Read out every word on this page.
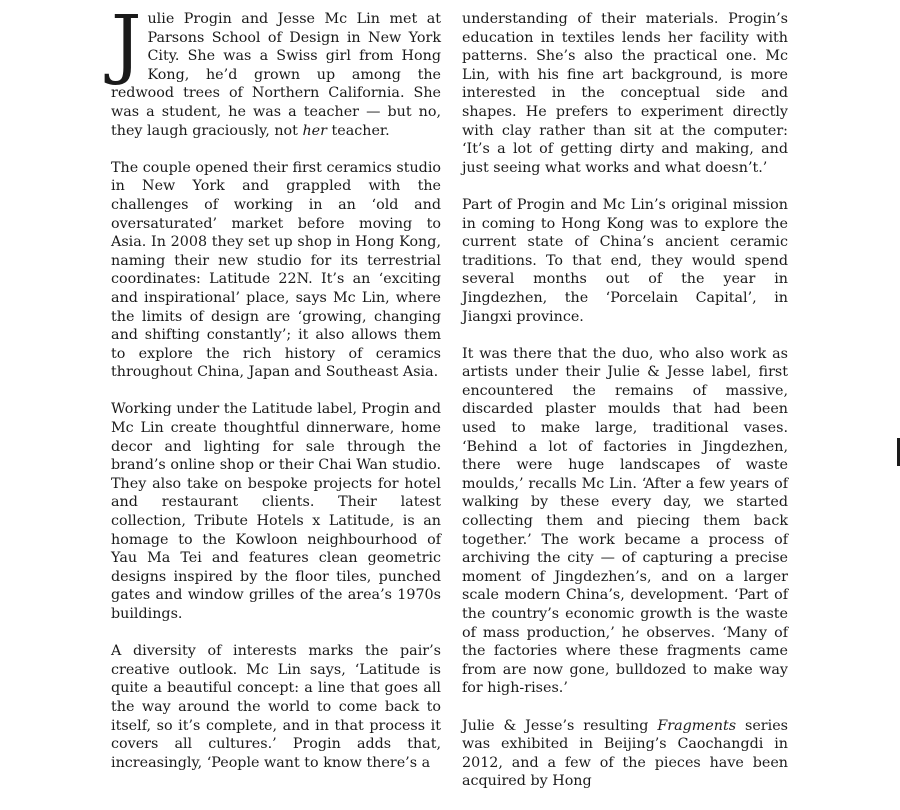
Julie Progin and Jesse Mc Lin met at Parsons School of Design in New York City. She was a Swiss girl from Hong Kong, he’d grown up among the redwood trees of Northern California. She was a student, he was a teacher — but no, they laugh graciously, not her teacher.

The couple opened their first ceramics studio in New York and grappled with the challenges of working in an ‘old and oversaturated’ market before moving to Asia. In 2008 they set up shop in Hong Kong, naming their new studio for its terrestrial coordinates: Latitude 22N. It’s an ‘exciting and inspirational’ place, says Mc Lin, where the limits of design are ‘growing, changing and shifting constantly’; it also allows them to explore the rich history of ceramics throughout China, Japan and Southeast Asia.

Working under the Latitude label, Progin and Mc Lin create thoughtful dinnerware, home decor and lighting for sale through the brand’s online shop or their Chai Wan studio. They also take on bespoke projects for hotel and restaurant clients. Their latest collection, Tribute Hotels x Latitude, is an homage to the Kowloon neighbourhood of Yau Ma Tei and features clean geometric designs inspired by the floor tiles, punched gates and window grilles of the area’s 1970s buildings.

A diversity of interests marks the pair’s creative outlook. Mc Lin says, ‘Latitude is quite a beautiful concept: a line that goes all the way around the world to come back to itself, so it’s complete, and in that process it covers all cultures.’ Progin adds that, increasingly, ‘People want to know there’s a

understanding of their materials. Progin’s education in textiles lends her facility with patterns. She’s also the practical one. Mc Lin, with his fine art background, is more interested in the conceptual side and shapes. He prefers to experiment directly with clay rather than sit at the computer: ‘It’s a lot of getting dirty and making, and just seeing what works and what doesn’t.’

Part of Progin and Mc Lin’s original mission in coming to Hong Kong was to explore the current state of China’s ancient ceramic traditions. To that end, they would spend several months out of the year in Jingdezhen, the ‘Porcelain Capital’, in Jiangxi province.

It was there that the duo, who also work as artists under their Julie & Jesse label, first encountered the remains of massive, discarded plaster moulds that had been used to make large, traditional vases. ‘Behind a lot of factories in Jingdezhen, there were huge landscapes of waste moulds,’ recalls Mc Lin. ‘After a few years of walking by these every day, we started collecting them and piecing them back together.’ The work became a process of archiving the city — of capturing a precise moment of Jingdezhen’s, and on a larger scale modern China’s, development. ‘Part of the country’s economic growth is the waste of mass production,’ he observes. ‘Many of the factories where these fragments came from are now gone, bulldozed to make way for high-rises.’

Julie & Jesse’s resulting Fragments series was exhibited in Beijing’s Caochangdi in 2012, and a few of the pieces have been acquired by Hong
